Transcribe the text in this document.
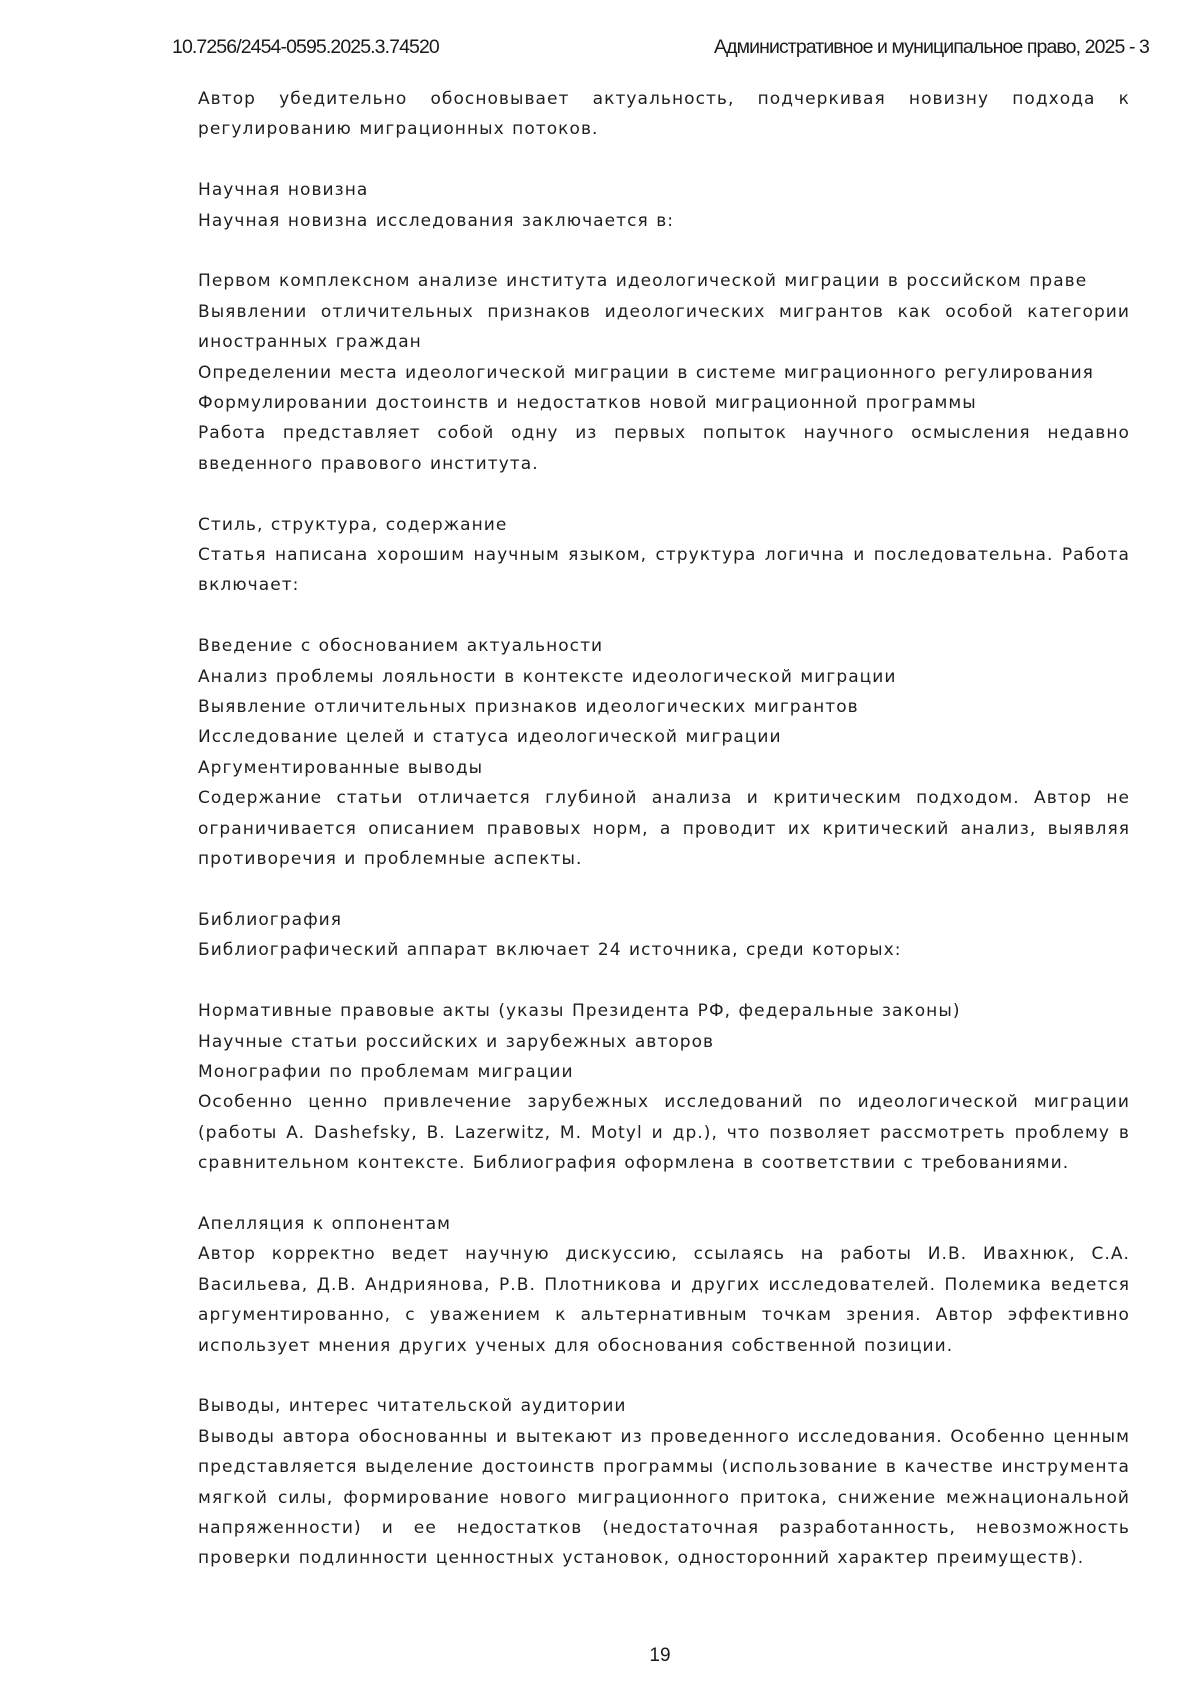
10.7256/2454-0595.2025.3.74520	Административное и муниципальное право, 2025 - 3

Автор убедительно обосновывает актуальность, подчеркивая новизну подхода к регулированию миграционных потоков.

Научная новизна

Научная новизна исследования заключается в:

Первом комплексном анализе института идеологической миграции в российском праве

Выявлении отличительных признаков идеологических мигрантов как особой категории иностранных граждан

Определении места идеологической миграции в системе миграционного регулирования

Формулировании достоинств и недостатков новой миграционной программы

Работа представляет собой одну из первых попыток научного осмысления недавно введенного правового института.

Стиль, структура, содержание

Статья написана хорошим научным языком, структура логична и последовательна. Работа включает:

Введение с обоснованием актуальности

Анализ проблемы лояльности в контексте идеологической миграции

Выявление отличительных признаков идеологических мигрантов

Исследование целей и статуса идеологической миграции

Аргументированные выводы

Содержание статьи отличается глубиной анализа и критическим подходом. Автор не ограничивается описанием правовых норм, а проводит их критический анализ, выявляя противоречия и проблемные аспекты.

Библиография

Библиографический аппарат включает 24 источника, среди которых:

Нормативные правовые акты (указы Президента РФ, федеральные законы)

Научные статьи российских и зарубежных авторов

Монографии по проблемам миграции

Особенно ценно привлечение зарубежных исследований по идеологической миграции (работы A. Dashefsky, B. Lazerwitz, M. Motyl и др.), что позволяет рассмотреть проблему в сравнительном контексте. Библиография оформлена в соответствии с требованиями.

Апелляция к оппонентам

Автор корректно ведет научную дискуссию, ссылаясь на работы И.В. Ивахнюк, С.А. Васильева, Д.В. Андриянова, Р.В. Плотникова и других исследователей. Полемика ведется аргументированно, с уважением к альтернативным точкам зрения. Автор эффективно использует мнения других ученых для обоснования собственной позиции.

Выводы, интерес читательской аудитории

Выводы автора обоснованны и вытекают из проведенного исследования. Особенно ценным представляется выделение достоинств программы (использование в качестве инструмента мягкой силы, формирование нового миграционного притока, снижение межнациональной напряженности) и ее недостатков (недостаточная разработанность, невозможность проверки подлинности ценностных установок, односторонний характер преимуществ).

19
